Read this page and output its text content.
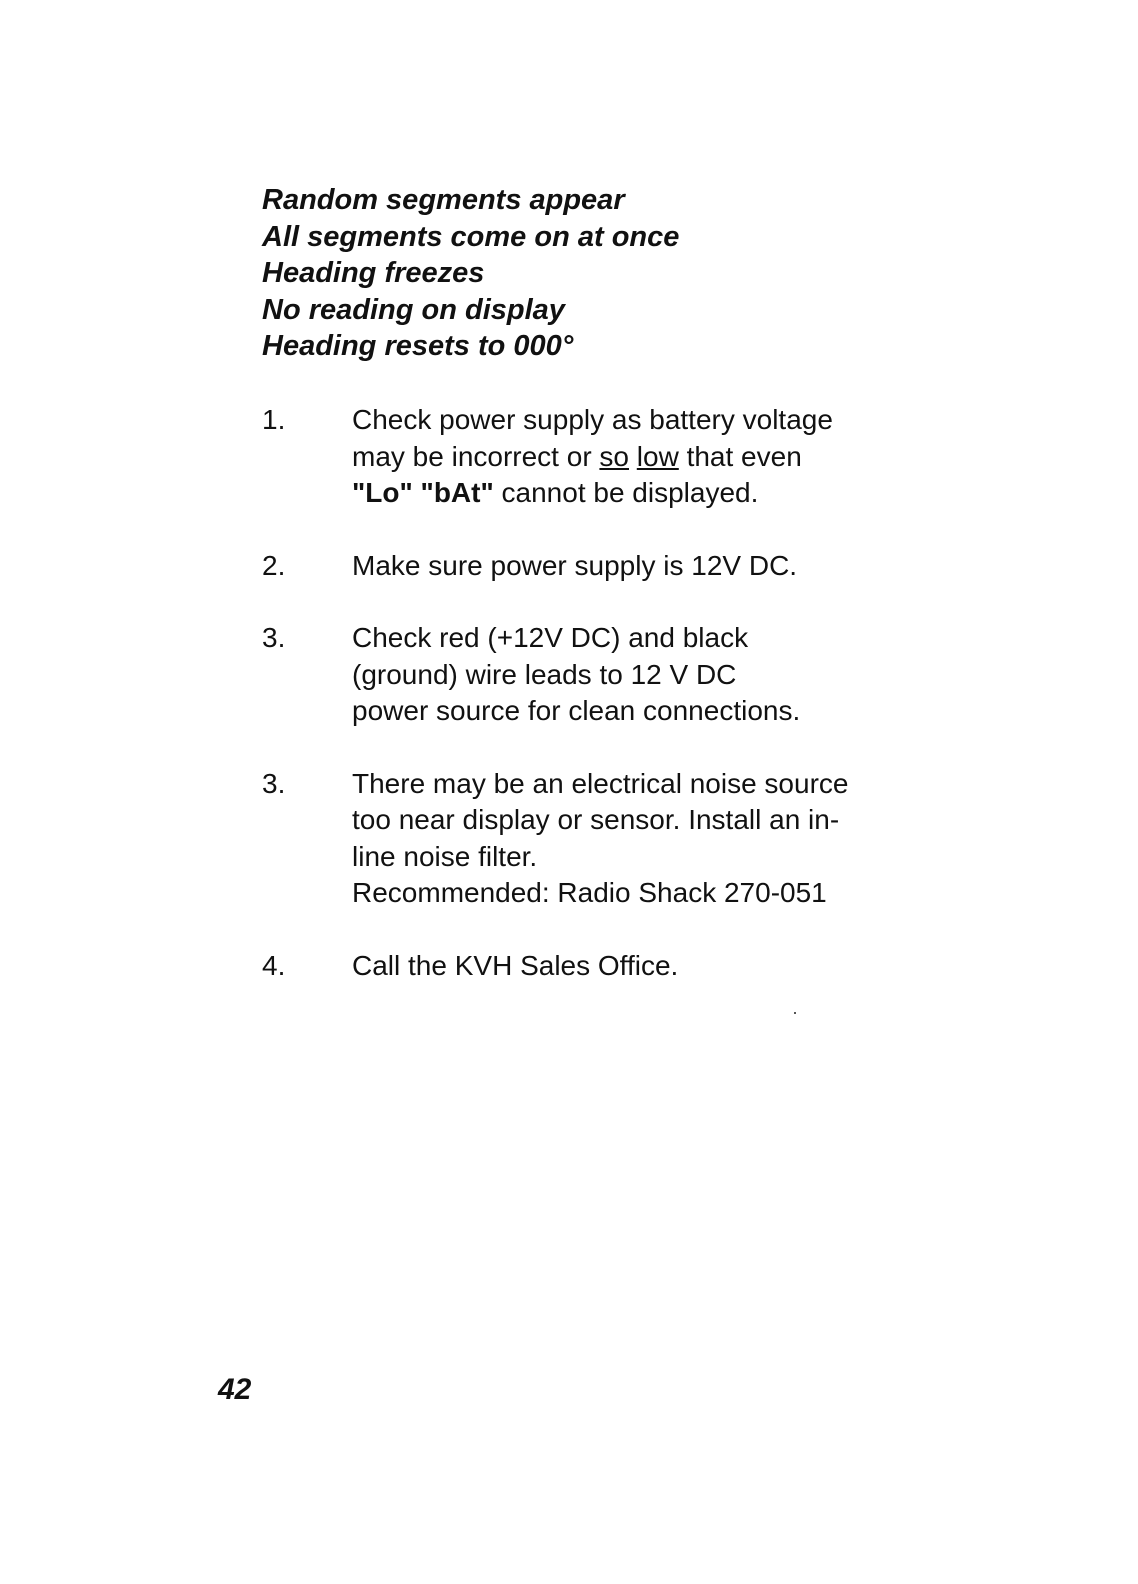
Random segments appear
All segments come on at once
Heading freezes
No reading on display
Heading resets to 000°
1.	Check power supply as battery voltage
may be incorrect or so low that even
"Lo" "bAt" cannot be displayed.
2.	Make sure power supply is 12V DC.
3.	Check red (+12V DC) and black
(ground) wire leads to 12 V DC
power source for clean connections.
3.	There may be an electrical noise source
too near display or sensor. Install an in-
line noise filter.
Recommended: Radio Shack 270-051
4.	Call the KVH Sales Office.
42
